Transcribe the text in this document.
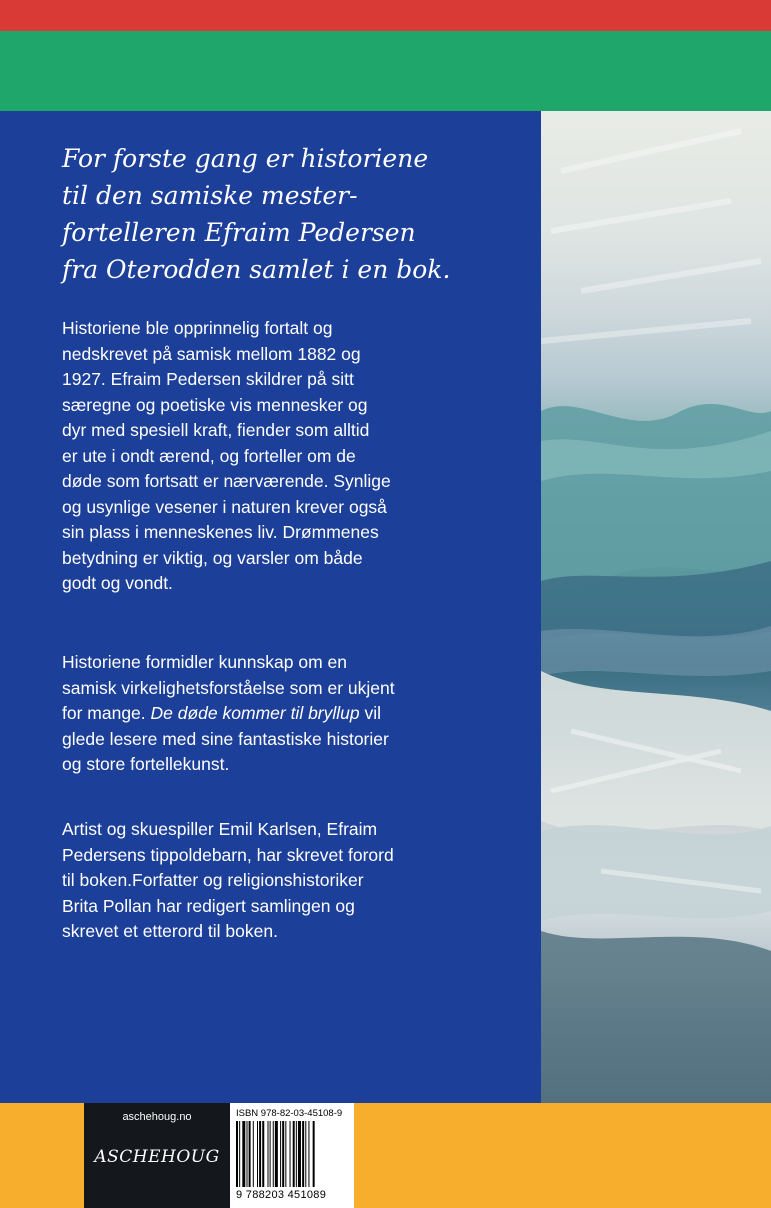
For forste gang er historiene
til den samiske mester-
fortelleren Efraim Pedersen
fra Oterodden samlet i en bok.

Historiene ble opprinnelig fortalt og
nedskrevet på samisk mellom 1882 og
1927. Efraim Pedersen skildrer på sitt
særegne og poetiske vis mennesker og
dyr med spesiell kraft, fiender som alltid
er ute i ondt ærend, og forteller om de
døde som fortsatt er nærværende. Synlige
og usynlige vesener i naturen krever også
sin plass i menneskenes liv. Drømmenes
betydning er viktig, og varsler om både
godt og vondt.

Historiene formidler kunnskap om en
samisk virkelighetsforståelse som er ukjent
for mange. De døde kommer til bryllup vil
glede lesere med sine fantastiske historier
og store fortellekunst.

Artist og skuespiller Emil Karlsen, Efraim
Pedersens tippoldebarn, har skrevet forord
til boken.Forfatter og religionshistoriker
Brita Pollan har redigert samlingen og
skrevet et etterord til boken.

aschehoug.no
ASCHEHOUG
ISBN 978-82-03-45108-9
9 788203 451089
